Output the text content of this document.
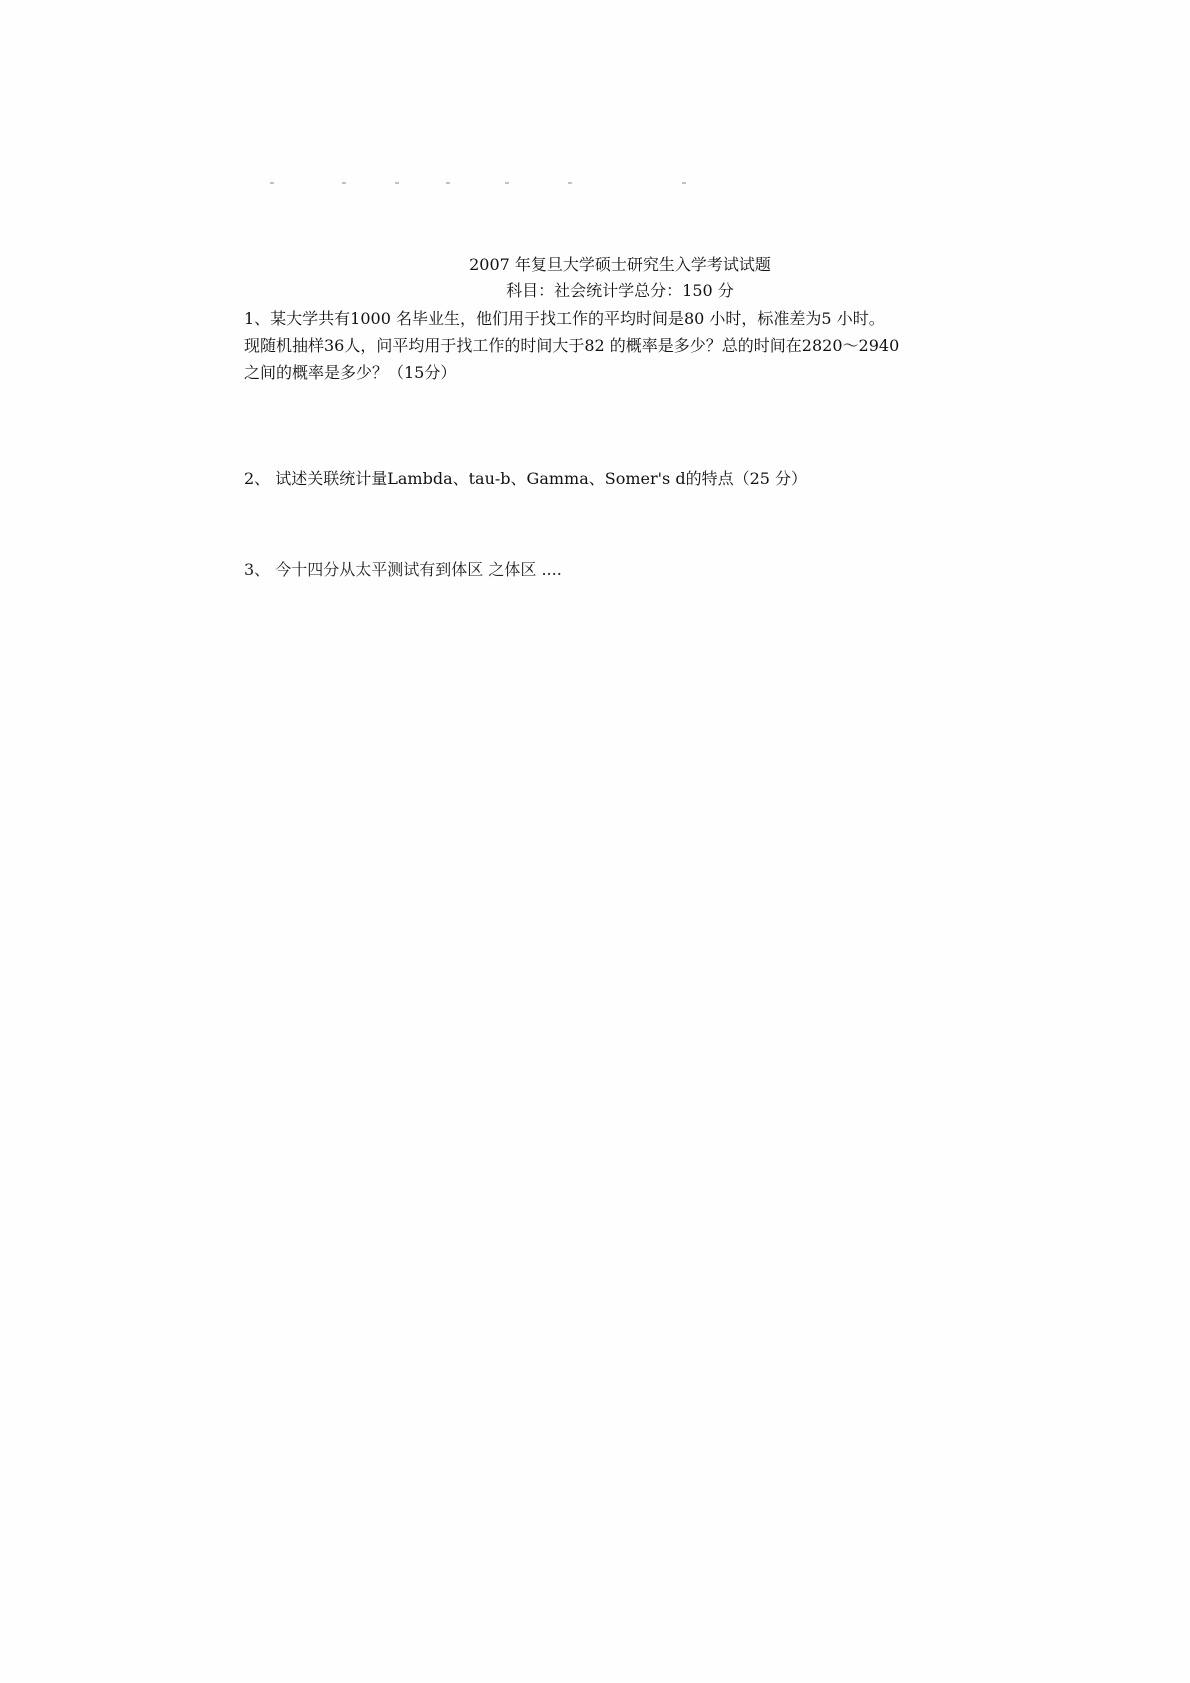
2007 年复旦大学硕士研究生入学考试试题

科目：社会统计学总分：150 分

1、某大学共有1000 名毕业生，他们用于找工作的平均时间是80 小时，标准差为5 小时。
现随机抽样36人，问平均用于找工作的时间大于82 的概率是多少？总的时间在2820～2940
之间的概率是多少？（15分）
2、 试述关联统计量Lambda、tau-b、Gamma、Somer's d的特点（25 分）
3、 今十四分从太平测试有到体区 之体区 ....
